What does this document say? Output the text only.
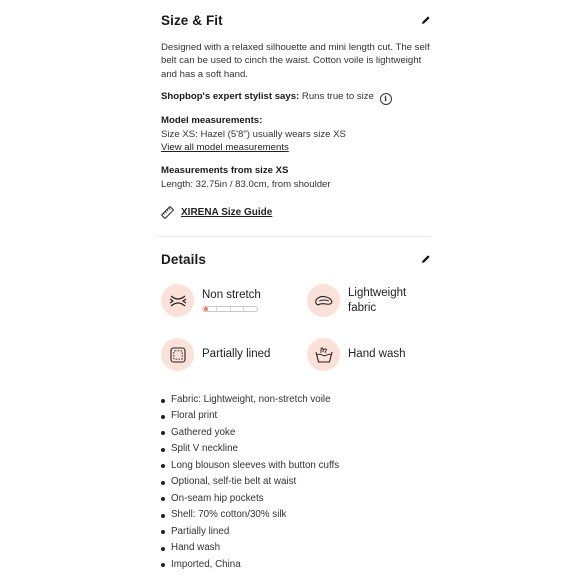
Size & Fit

Designed with a relaxed silhouette and mini length cut. The self belt can be used to cinch the waist. Cotton voile is lightweight and has a soft hand.

Shopbop's expert stylist says: Runs true to size i

Model measurements:

Size XS: Hazel (5'8") usually wears size XS

View all model measurements

Measurements from size XS

Length: 32.75in / 83.0cm, from shoulder

XIRENA Size Guide
Details
Non stretch	Lightweight fabric
Partially lined	Hand wash
Fabric: Lightweight, non-stretch voile
Floral print
Gathered yoke
Split V neckline
Long blouson sleeves with button cuffs
Optional, self-tie belt at waist
On-seam hip pockets
Shell: 70% cotton/30% silk
Partially lined
Hand wash
Imported, China
